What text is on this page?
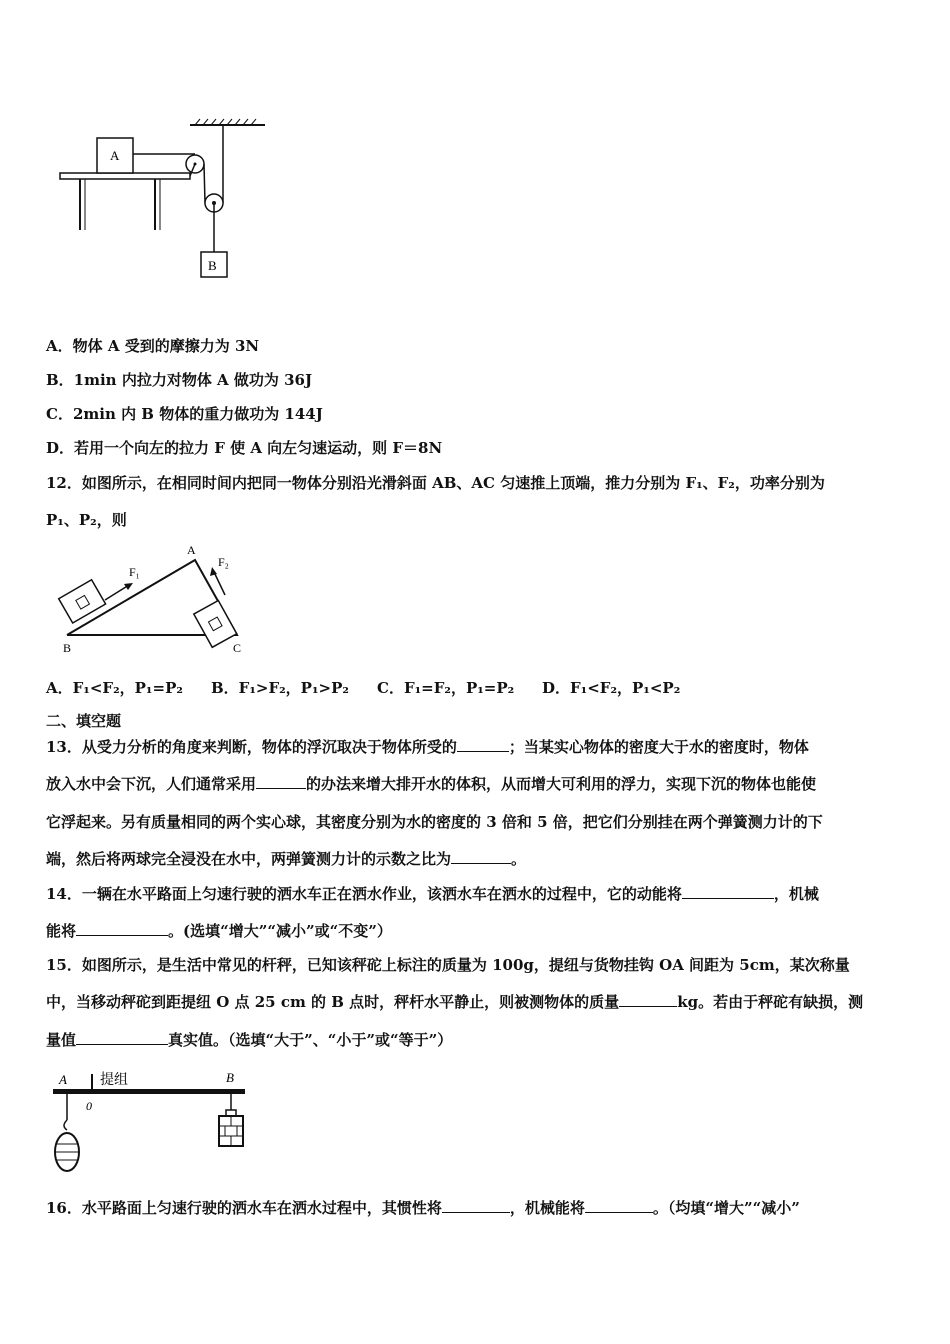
A
B
A．物体 A 受到的摩擦力为 3N
B．1min 内拉力对物体 A 做功为 36J
C．2min 内 B 物体的重力做功为 144J
D．若用一个向左的拉力 F 使 A 向左匀速运动，则 F＝8N
12．如图所示，在相同时间内把同一物体分别沿光滑斜面 AB、AC 匀速推上顶端，推力分别为 F₁、F₂，功率分别为
P₁、P₂，则
F₁
F₂
A
B	C
A．F₁<F₂，P₁=P₂ B．F₁>F₂，P₁>P₂ C．F₁=F₂，P₁=P₂ D．F₁<F₂，P₁<P₂
二、填空题
13．从受力分析的角度来判断，物体的浮沉取决于物体所受的	；当某实心物体的密度大于水的密度时，物体
放入水中会下沉，人们通常采用	的办法来增大排开水的体积，从而增大可利用的浮力，实现下沉的物体也能使
它浮起来。另有质量相同的两个实心球，其密度分别为水的密度的 3 倍和 5 倍，把它们分别挂在两个弹簧测力计的下
端，然后将两球完全浸没在水中，两弹簧测力计的示数之比为	。
14．一辆在水平路面上匀速行驶的洒水车正在洒水作业，该洒水车在洒水的过程中，它的动能将	，机械
能将	。(选填“增大”“减小”或“不变”）
15．如图所示，是生活中常见的杆秤，已知该秤砣上标注的质量为 100g，提纽与货物挂钩 OA 间距为 5cm，某次称量
中，当移动秤砣到距提纽 O 点 25 cm 的 B 点时，秤杆水平静止，则被测物体的质量	kg。若由于秤砣有缺损，测
量值	真实值。（选填“大于”、“小于”或“等于”）
提组
A
0
B
16．水平路面上匀速行驶的洒水车在洒水过程中，其惯性将	，机械能将	。（均填“增大”“减小”
